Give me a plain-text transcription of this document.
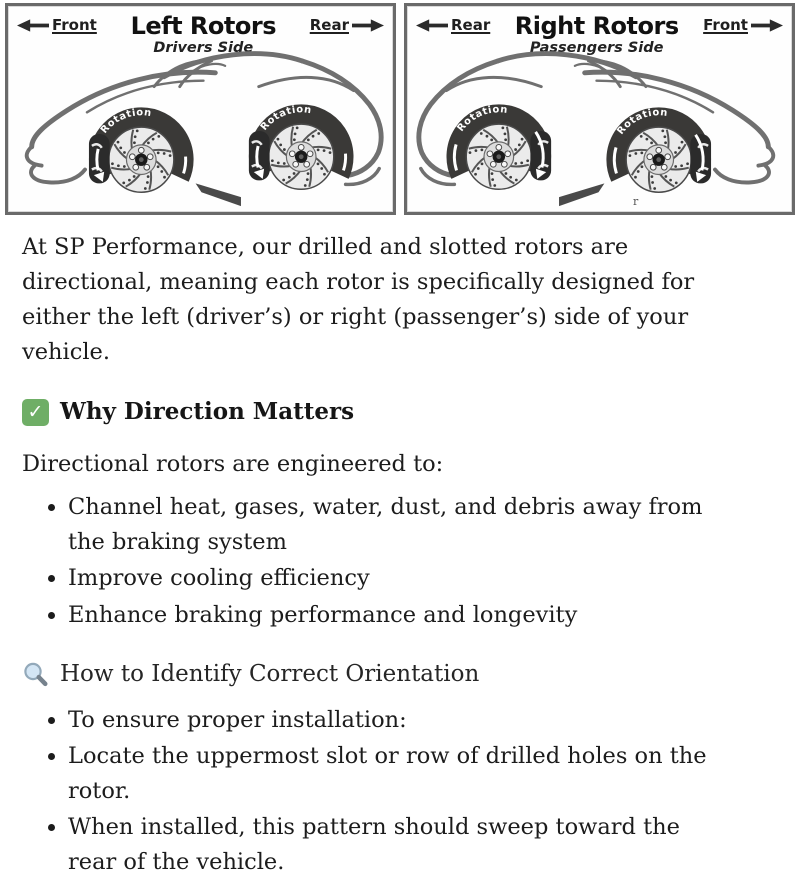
Front Left Rotors
Drivers Side
Rear
Rotation
Rotation
Rear Right Rotors
Passengers Side
Front
Rotation
Rotation
r

At SP Performance, our drilled and slotted rotors are directional, meaning each rotor is specifically designed for either the left (driver’s) or right (passenger’s) side of your vehicle.

✓ Why Direction Matters

Directional rotors are engineered to:

• Channel heat, gases, water, dust, and debris away from the braking system
• Improve cooling efficiency
• Enhance braking performance and longevity
How to Identify Correct Orientation
• To ensure proper installation:
• Locate the uppermost slot or row of drilled holes on the rotor.
• When installed, this pattern should sweep toward the rear of the vehicle.
